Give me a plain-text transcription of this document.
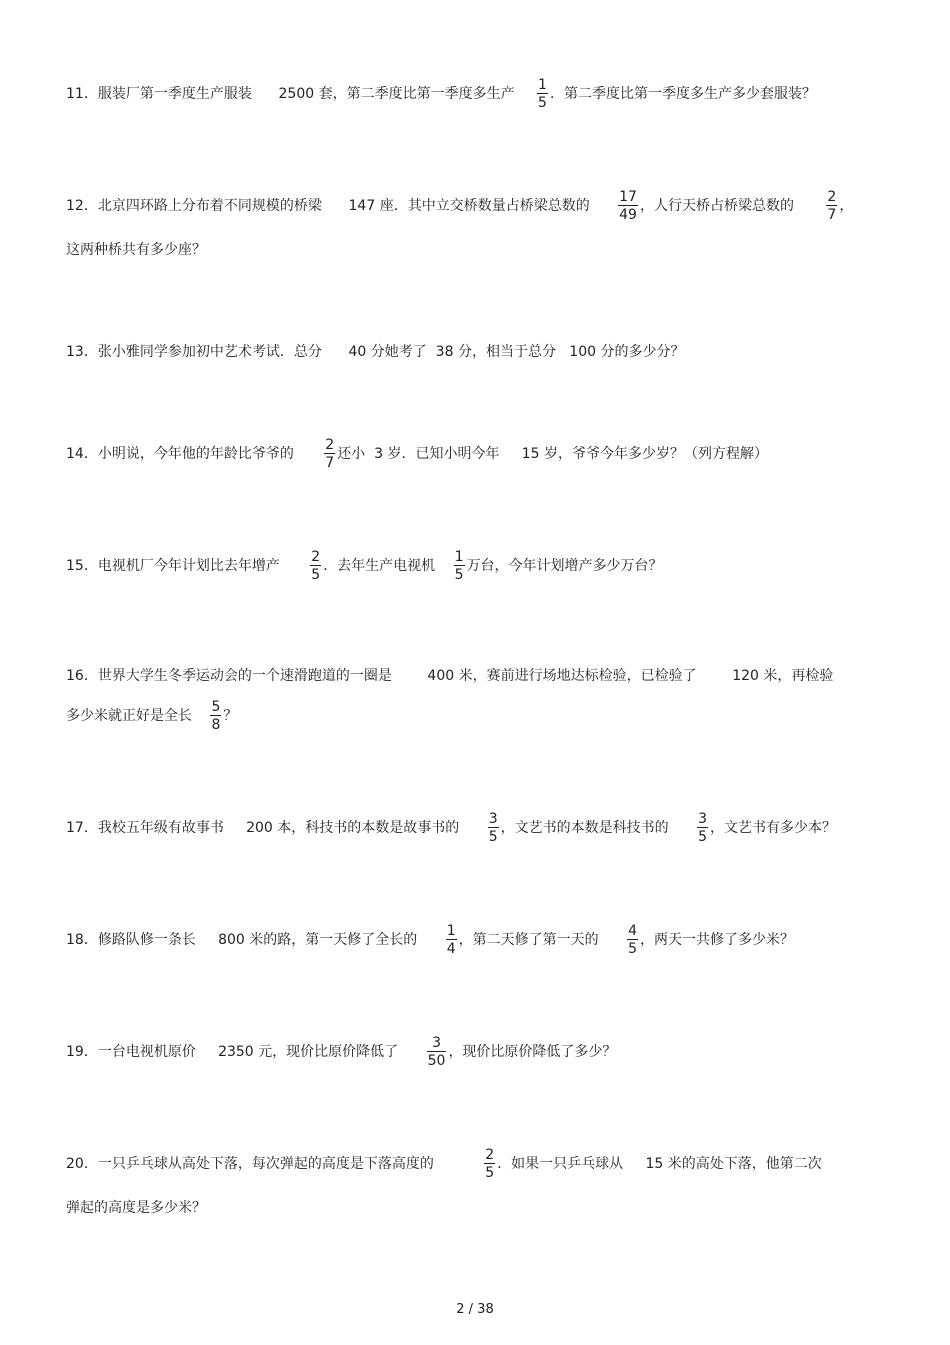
11．服装厂第一季度生产服装      2500 套，第二季度比第一季度多生产 $\frac{1}{5}$ ．第二季度比第一季度多生产多少套服装？
12．北京四环路上分布着不同规模的桥梁      147 座．其中立交桥数量占桥梁总数的 $\frac{17}{49}$ ，人行天桥占桥梁总数的 $\frac{2}{7}$ ，
这两种桥共有多少座？
13．张小雅同学参加初中艺术考试．总分      40 分她考了  38 分，相当于总分   100 分的多少分？
14．小明说，今年他的年龄比爷爷的 $\frac{2}{7}$ 还小  3 岁．已知小明今年     15 岁，爷爷今年多少岁？（列方程解）
15．电视机厂今年计划比去年增产 $\frac{2}{5}$ ．去年生产电视机 $\frac{1}{5}$ 万台，今年计划增产多少万台？
16．世界大学生冬季运动会的一个速滑跑道的一圈是        400 米，赛前进行场地达标检验，已检验了        120 米，再检验
多少米就正好是全长 $\frac{5}{8}$ ？
17．我校五年级有故事书     200 本，科技书的本数是故事书的 $\frac{3}{5}$ ，文艺书的本数是科技书的 $\frac{3}{5}$ ，文艺书有多少本？
18．修路队修一条长     800 米的路，第一天修了全长的 $\frac{1}{4}$ ，第二天修了第一天的 $\frac{4}{5}$ ，两天一共修了多少米？
19．一台电视机原价     2350 元，现价比原价降低了 $\frac{3}{50}$ ，现价比原价降低了多少？
20．一只乒乓球从高处下落，每次弹起的高度是下落高度的	$\frac{2}{5}$ ．如果一只乒乓球从     15 米的高处下落，他第二次
弹起的高度是多少米？
2 / 38
